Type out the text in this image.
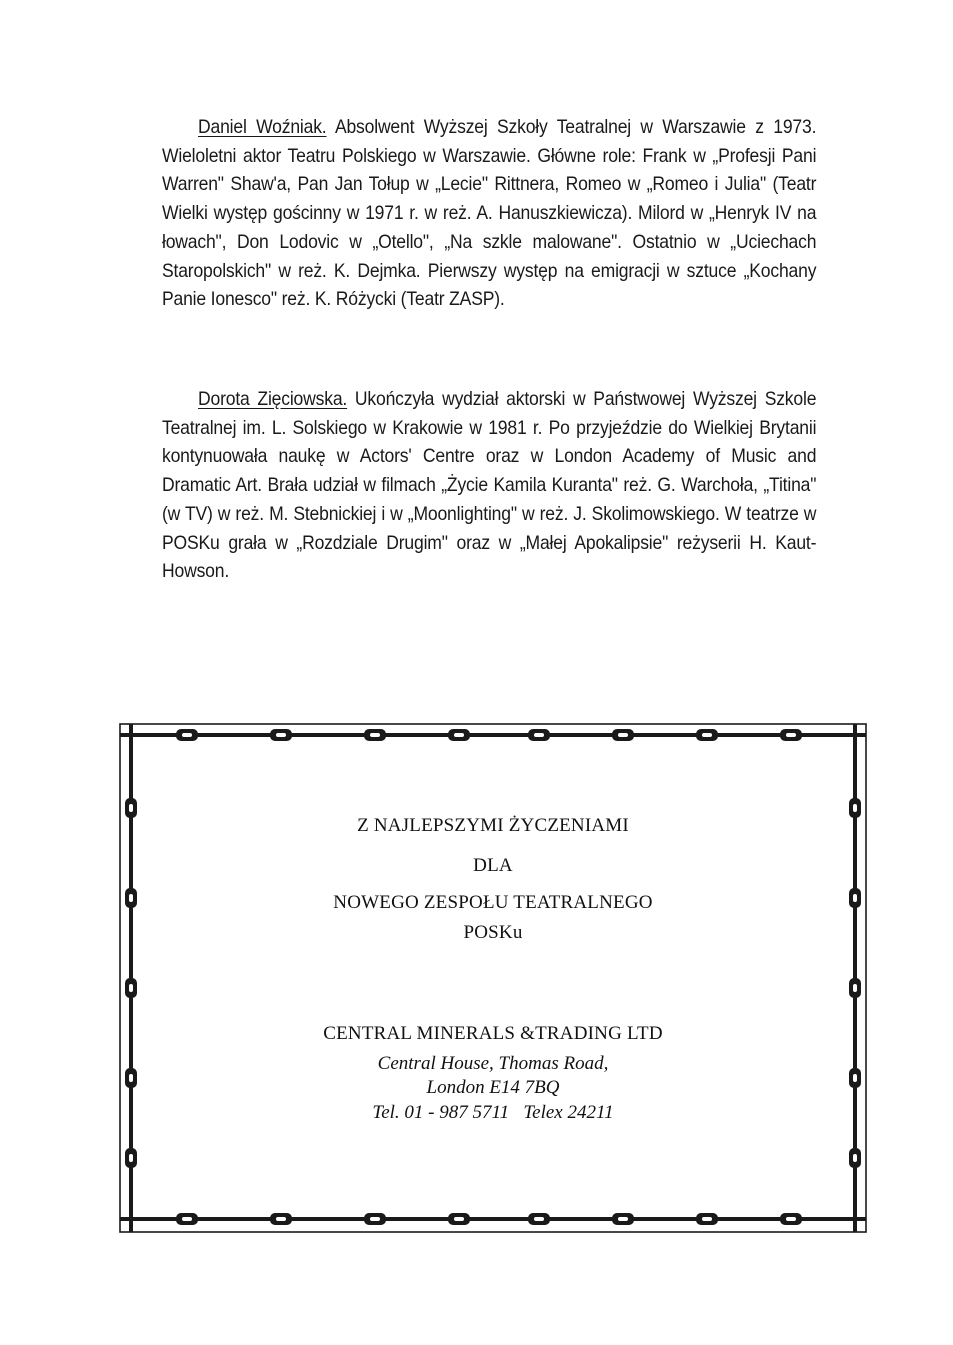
Daniel Woźniak. Absolwent Wyższej Szkoły Teatralnej w Warszawie z 1973. Wieloletni aktor Teatru Polskiego w Warszawie. Główne role: Frank w „Profesji Pani Warren" Shaw'a, Pan Jan Tołup w „Lecie" Rittnera, Romeo w „Romeo i Julia" (Teatr Wielki występ gościnny w 1971 r. w reż. A. Hanuszkiewicza). Milord w „Henryk IV na łowach", Don Lodovic w „Otello", „Na szkle malowane". Ostatnio w „Uciechach Staropolskich" w reż. K. Dejmka. Pierwszy występ na emigracji w sztuce „Kochany Panie Ionesco" reż. K. Różycki (Teatr ZASP).
Dorota Zięciowska. Ukończyła wydział aktorski w Państwowej Wyższej Szkole Teatralnej im. L. Solskiego w Krakowie w 1981 r. Po przyjeździe do Wielkiej Brytanii kontynuowała naukę w Actors' Centre oraz w London Academy of Music and Dramatic Art. Brała udział w filmach „Życie Kamila Kuranta" reż. G. Warchoła, „Titina" (w TV) w reż. M. Stebnickiej i w „Moonlighting" w reż. J. Skolimowskiego. W teatrze w POSKu grała w „Rozdziale Drugim" oraz w „Małej Apokalipsie" reżyserii H. Kaut-Howson.
Z NAJLEPSZYMI ŻYCZENIAMI
DLA
NOWEGO ZESPOŁU TEATRALNEGO
POSKu
CENTRAL MINERALS &TRADING LTD
Central House, Thomas Road,
London E14 7BQ
Tel. 01 - 987 5711   Telex 24211
